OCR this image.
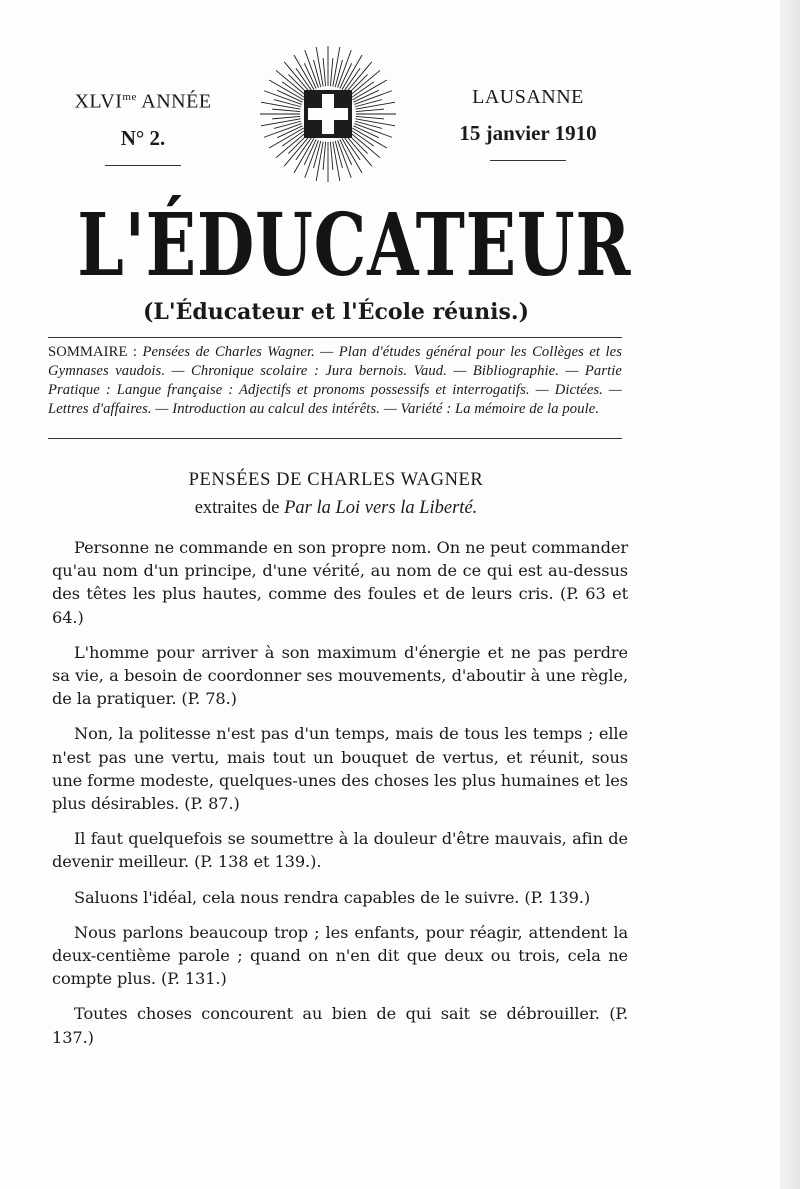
$XLVI^{me}$ ANNÉE
N° 2.
LAUSANNE
15 janvier 1910
L'ÉDUCATEUR
(L'Éducateur et l'École réunis.)
SOMMAIRE : Pensées de Charles Wagner. — Plan d'études général pour les Collèges et les Gymnases vaudois. — Chronique scolaire : Jura bernois. Vaud. — Bibliographie. — Partie Pratique : Langue française : Adjectifs et pronoms possessifs et interrogatifs. — Dictées. — Lettres d'affaires. — Introduction au calcul des intérêts. — Variété : La mémoire de la poule.
PENSÉES DE CHARLES WAGNER
extraites de Par la Loi vers la Liberté.

Personne ne commande en son propre nom. On ne peut commander qu'au nom d'un principe, d'une vérité, au nom de ce qui est au-dessus des têtes les plus hautes, comme des foules et de leurs cris. (P. 63 et 64.)

L'homme pour arriver à son maximum d'énergie et ne pas perdre sa vie, a besoin de coordonner ses mouvements, d'aboutir à une règle, de la pratiquer. (P. 78.)

Non, la politesse n'est pas d'un temps, mais de tous les temps ; elle n'est pas une vertu, mais tout un bouquet de vertus, et réunit, sous une forme modeste, quelques-unes des choses les plus humaines et les plus désirables. (P. 87.)

Il faut quelquefois se soumettre à la douleur d'être mauvais, afin de devenir meilleur. (P. 138 et 139.).

Saluons l'idéal, cela nous rendra capables de le suivre. (P. 139.)

Nous parlons beaucoup trop ; les enfants, pour réagir, attendent la deux-centième parole ; quand on n'en dit que deux ou trois, cela ne compte plus. (P. 131.)

Toutes choses concourent au bien de qui sait se débrouiller. (P. 137.)
